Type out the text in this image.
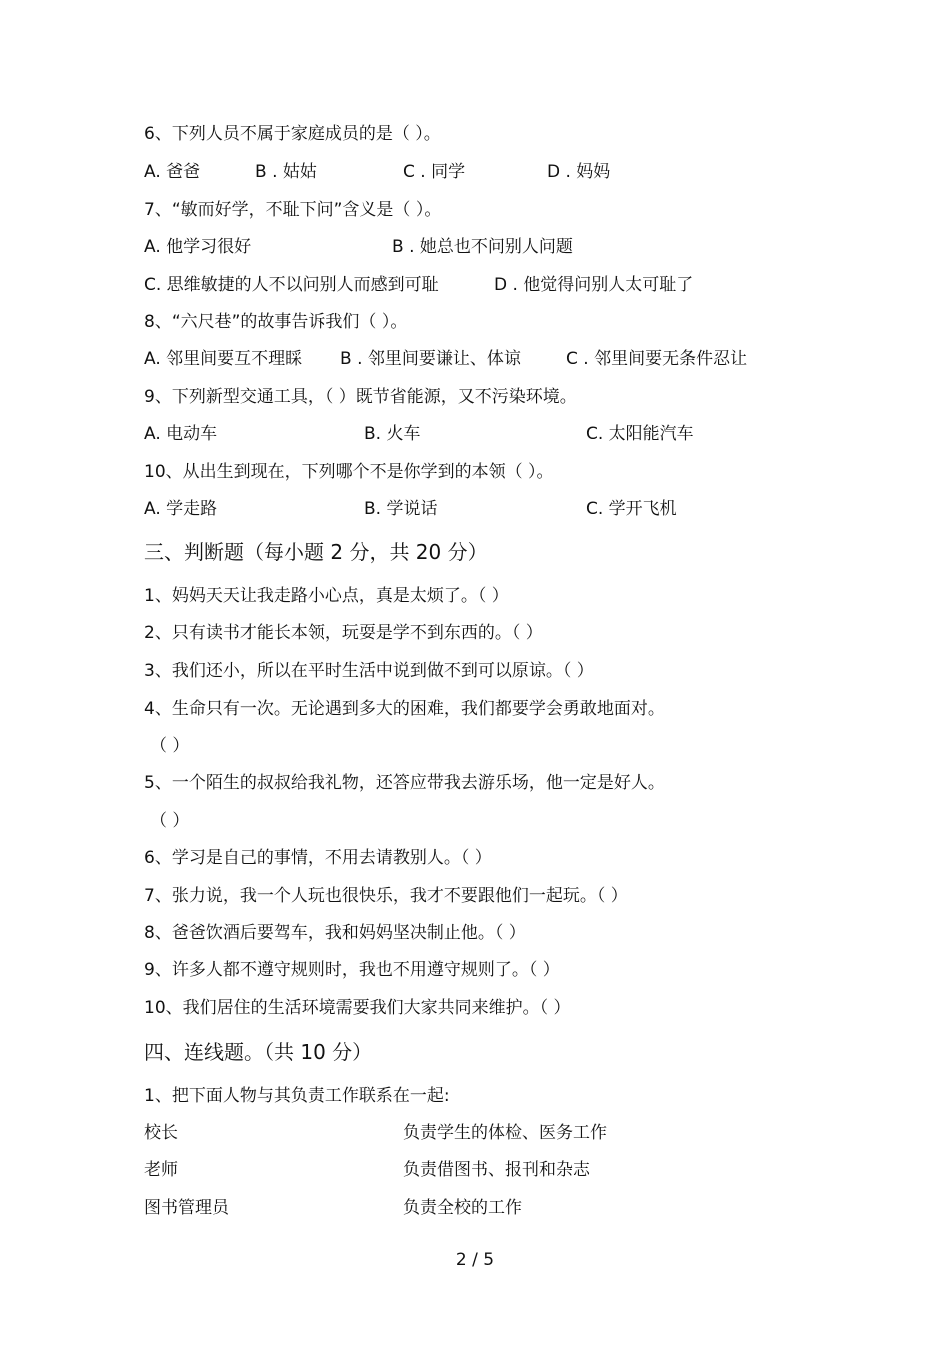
6、下列人员不属于家庭成员的是（ ）。
A. 爸爸	B . 姑姑	C . 同学	D . 妈妈
7、“敏而好学，不耻下问”含义是（ ）。
A. 他学习很好	B . 她总也不问别人问题
C. 思维敏捷的人不以问别人而感到可耻	D . 他觉得问别人太可耻了
8、“六尺巷”的故事告诉我们（ ）。
A. 邻里间要互不理睬 B . 邻里间要谦让、体谅	C . 邻里间要无条件忍让
9、下列新型交通工具，（ ）既节省能源，又不污染环境。
A. 电动车	B. 火车	C. 太阳能汽车
10、从出生到现在，下列哪个不是你学到的本领（ ）。
A. 学走路	B. 学说话	C. 学开飞机
三、判断题（每小题 2 分，共 20 分）
1、妈妈天天让我走路小心点，真是太烦了。（ ）
2、只有读书才能长本领，玩耍是学不到东西的。（ ）
3、我们还小，所以在平时生活中说到做不到可以原谅。（ ）
4、生命只有一次。无论遇到多大的困难，我们都要学会勇敢地面对。
（ ）
5、一个陌生的叔叔给我礼物，还答应带我去游乐场，他一定是好人。
（ ）
6、学习是自己的事情，不用去请教别人。（ ）
7、张力说，我一个人玩也很快乐，我才不要跟他们一起玩。（ ）
8、爸爸饮酒后要驾车，我和妈妈坚决制止他。（ ）
9、许多人都不遵守规则时，我也不用遵守规则了。（ ）
10、我们居住的生活环境需要我们大家共同来维护。（ ）
四、连线题。（共 10 分）
1、把下面人物与其负责工作联系在一起:
校长	负责学生的体检、医务工作
老师	负责借图书、报刊和杂志
图书管理员	负责全校的工作
2 / 5
